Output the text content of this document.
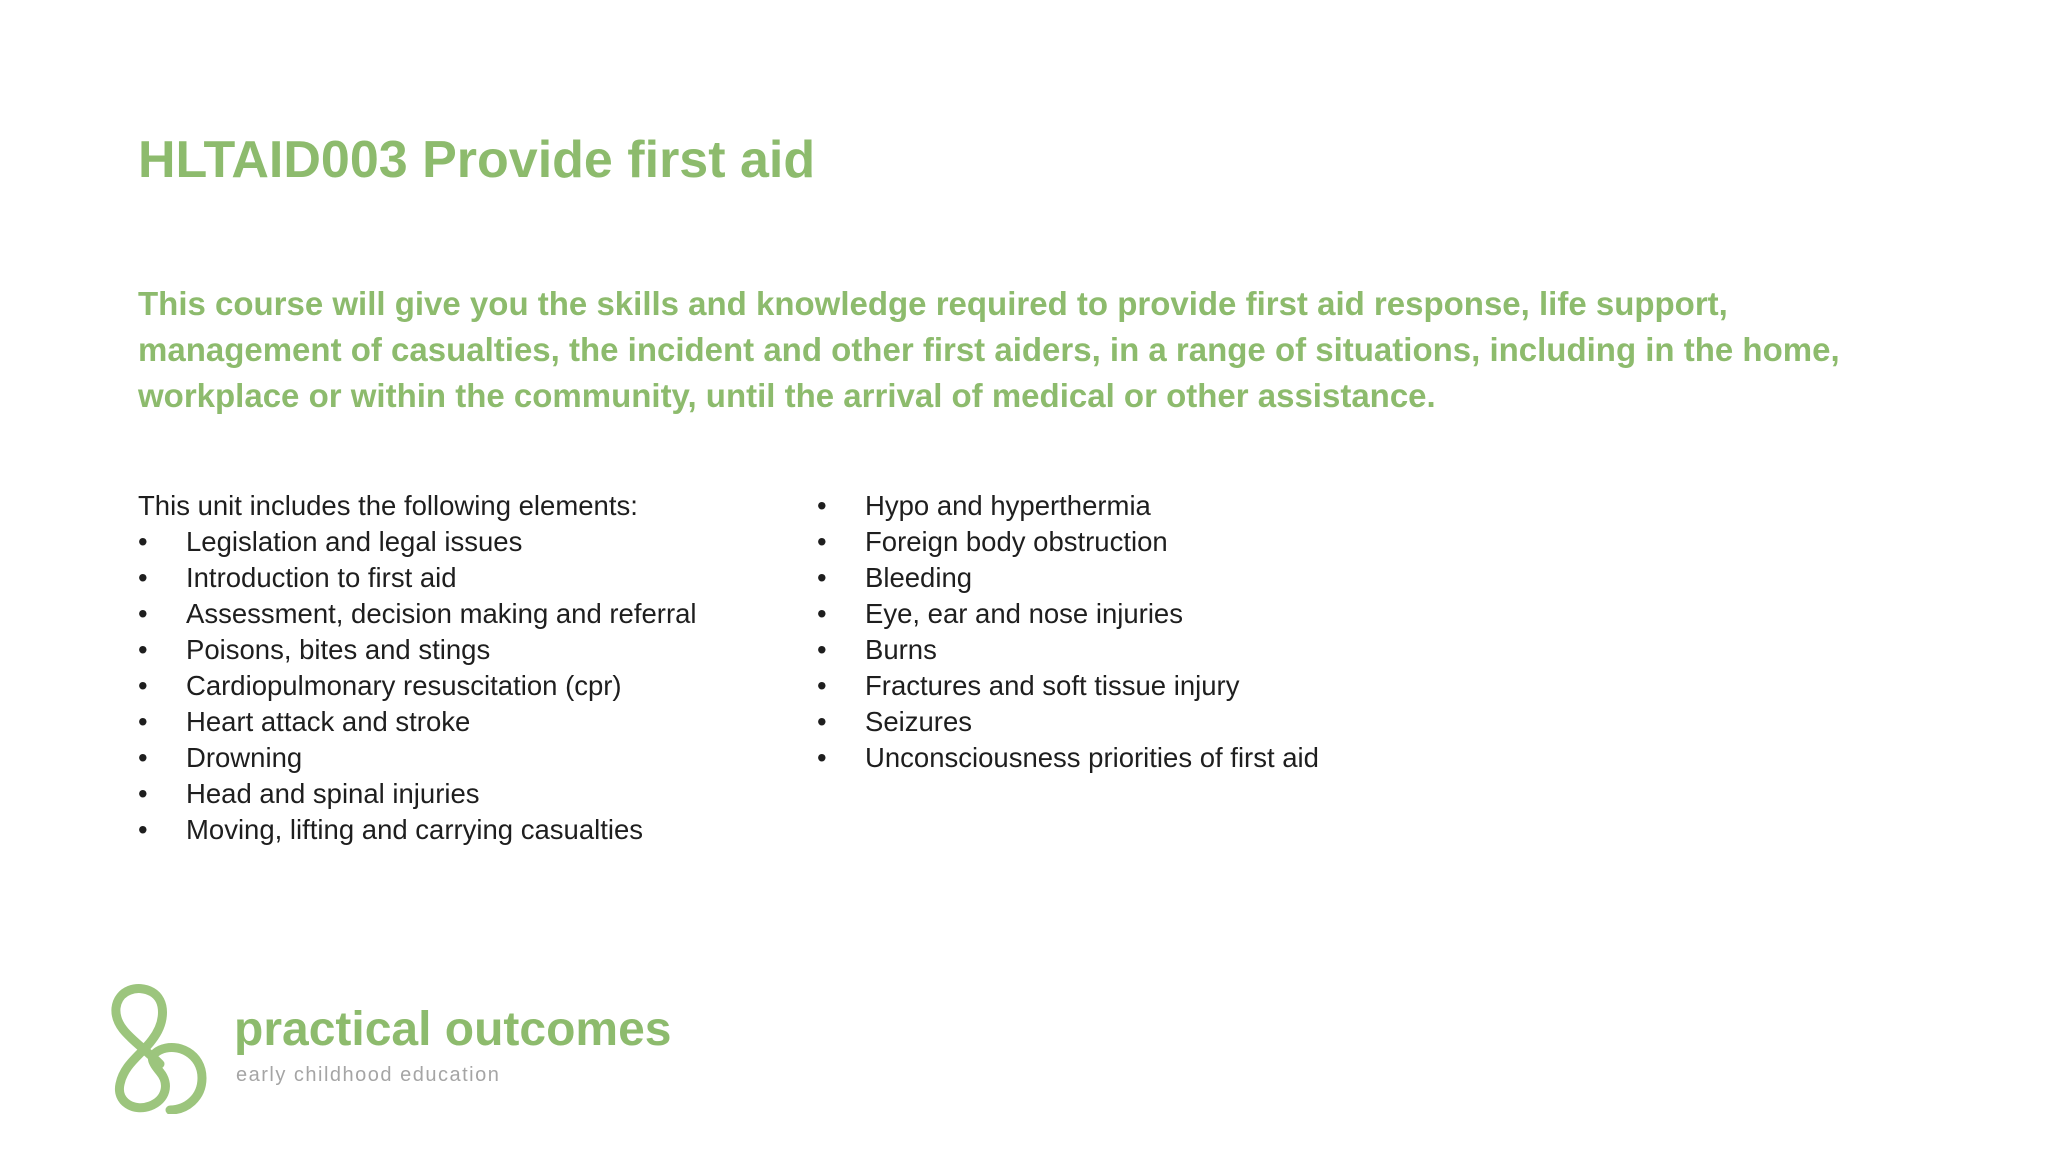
HLTAID003 Provide first aid

This course will give you the skills and knowledge required to provide first aid response, life support, management of casualties, the incident and other first aiders, in a range of situations, including in the home, workplace or within the community, until the arrival of medical or other assistance.

This unit includes the following elements:

•	Legislation and legal issues
•	Introduction to first aid
•	Assessment, decision making and referral
•	Poisons, bites and stings
•	Cardiopulmonary resuscitation (cpr)
•	Heart attack and stroke
•	Drowning
•	Head and spinal injuries
•	Moving, lifting and carrying casualties
•	Hypo and hyperthermia
•	Foreign body obstruction
•	Bleeding
•	Eye, ear and nose injuries
•	Burns
•	Fractures and soft tissue injury
•	Seizures
•	Unconsciousness priorities of first aid
practical outcomes
early childhood education
